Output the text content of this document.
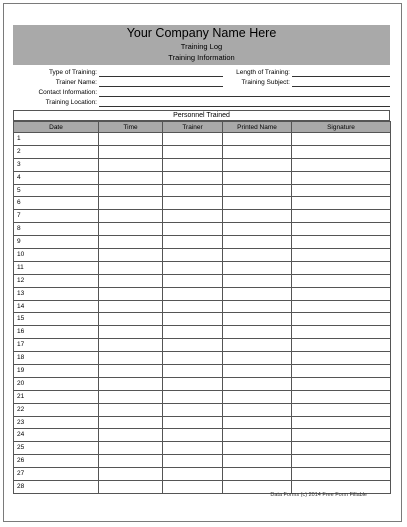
Your Company Name Here
Training Log
Training Information
Type of Training:
Trainer Name:
Contact Information:
Training Location:
Length of Training:
Training Subject:
Personnel Trained
Date	Time	Trainer	Printed Name	Signature
1				
2				
3				
4				
5				
6				
7				
8				
9				
10				
11				
12				
13				
14				
15				
16				
17				
18				
19				
20				
21				
22				
23				
24				
25				
26				
27				
28				
Data Forms (c) 2014 Free Form Fillable
